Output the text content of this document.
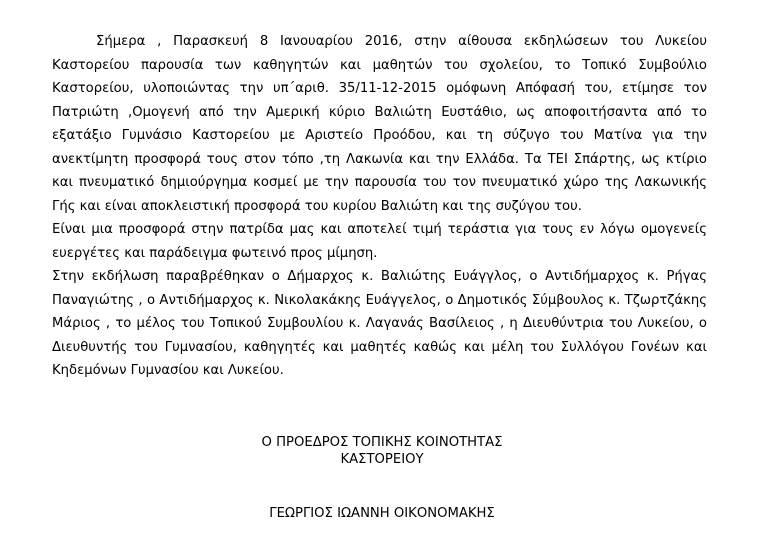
Σήμερα , Παρασκευή 8 Ιανουαρίου 2016, στην αίθουσα εκδηλώσεων του Λυκείου Καστορείου παρουσία των καθηγητών και μαθητών του σχολείου, το Τοπικό Συμβούλιο Καστορείου, υλοποιώντας την υπ΄αριθ. 35/11-12-2015 ομόφωνη Απόφασή του, ετίμησε τον Πατριώτη ,Ομογενή από την Αμερική κύριο Βαλιώτη Ευστάθιο, ως αποφοιτήσαντα από το εξατάξιο Γυμνάσιο Καστορείου με Αριστείο Προόδου, και τη σύζυγο του Ματίνα για την ανεκτίμητη προσφορά τους στον τόπο ,τη Λακωνία και την Ελλάδα. Τα ΤΕΙ Σπάρτης, ως κτίριο και πνευματικό δημιούργημα κοσμεί με την παρουσία του τον πνευματικό χώρο της Λακωνικής Γής και είναι αποκλειστική προσφορά του κυρίου Βαλιώτη και της συζύγου του.

Είναι μια προσφορά στην πατρίδα μας και αποτελεί τιμή τεράστια για τους εν λόγω ομογενείς ευεργέτες και παράδειγμα φωτεινό προς μίμηση.

Στην εκδήλωση παραβρέθηκαν ο Δήμαρχος κ. Βαλιώτης Ευάγγλος, ο Αντιδήμαρχος κ. Ρήγας Παναγιώτης , ο Αντιδήμαρχος κ. Νικολακάκης Ευάγγελος, ο Δημοτικός Σύμβουλος κ. Τζωρτζάκης Μάριος , το μέλος του Τοπικού Συμβουλίου κ. Λαγανάς Βασίλειος , η Διευθύντρια του Λυκείου, ο Διευθυντής του Γυμνασίου, καθηγητές και μαθητές καθώς και μέλη του Συλλόγου Γονέων και Κηδεμόνων Γυμνασίου και Λυκείου.

Ο ΠΡΟΕΔΡΟΣ ΤΟΠΙΚΗΣ ΚΟΙΝΟΤΗΤΑΣ
ΚΑΣΤΟΡΕΙΟΥ
ΓΕΩΡΓΙΟΣ ΙΩΑΝΝΗ ΟΙΚΟΝΟΜΑΚΗΣ
